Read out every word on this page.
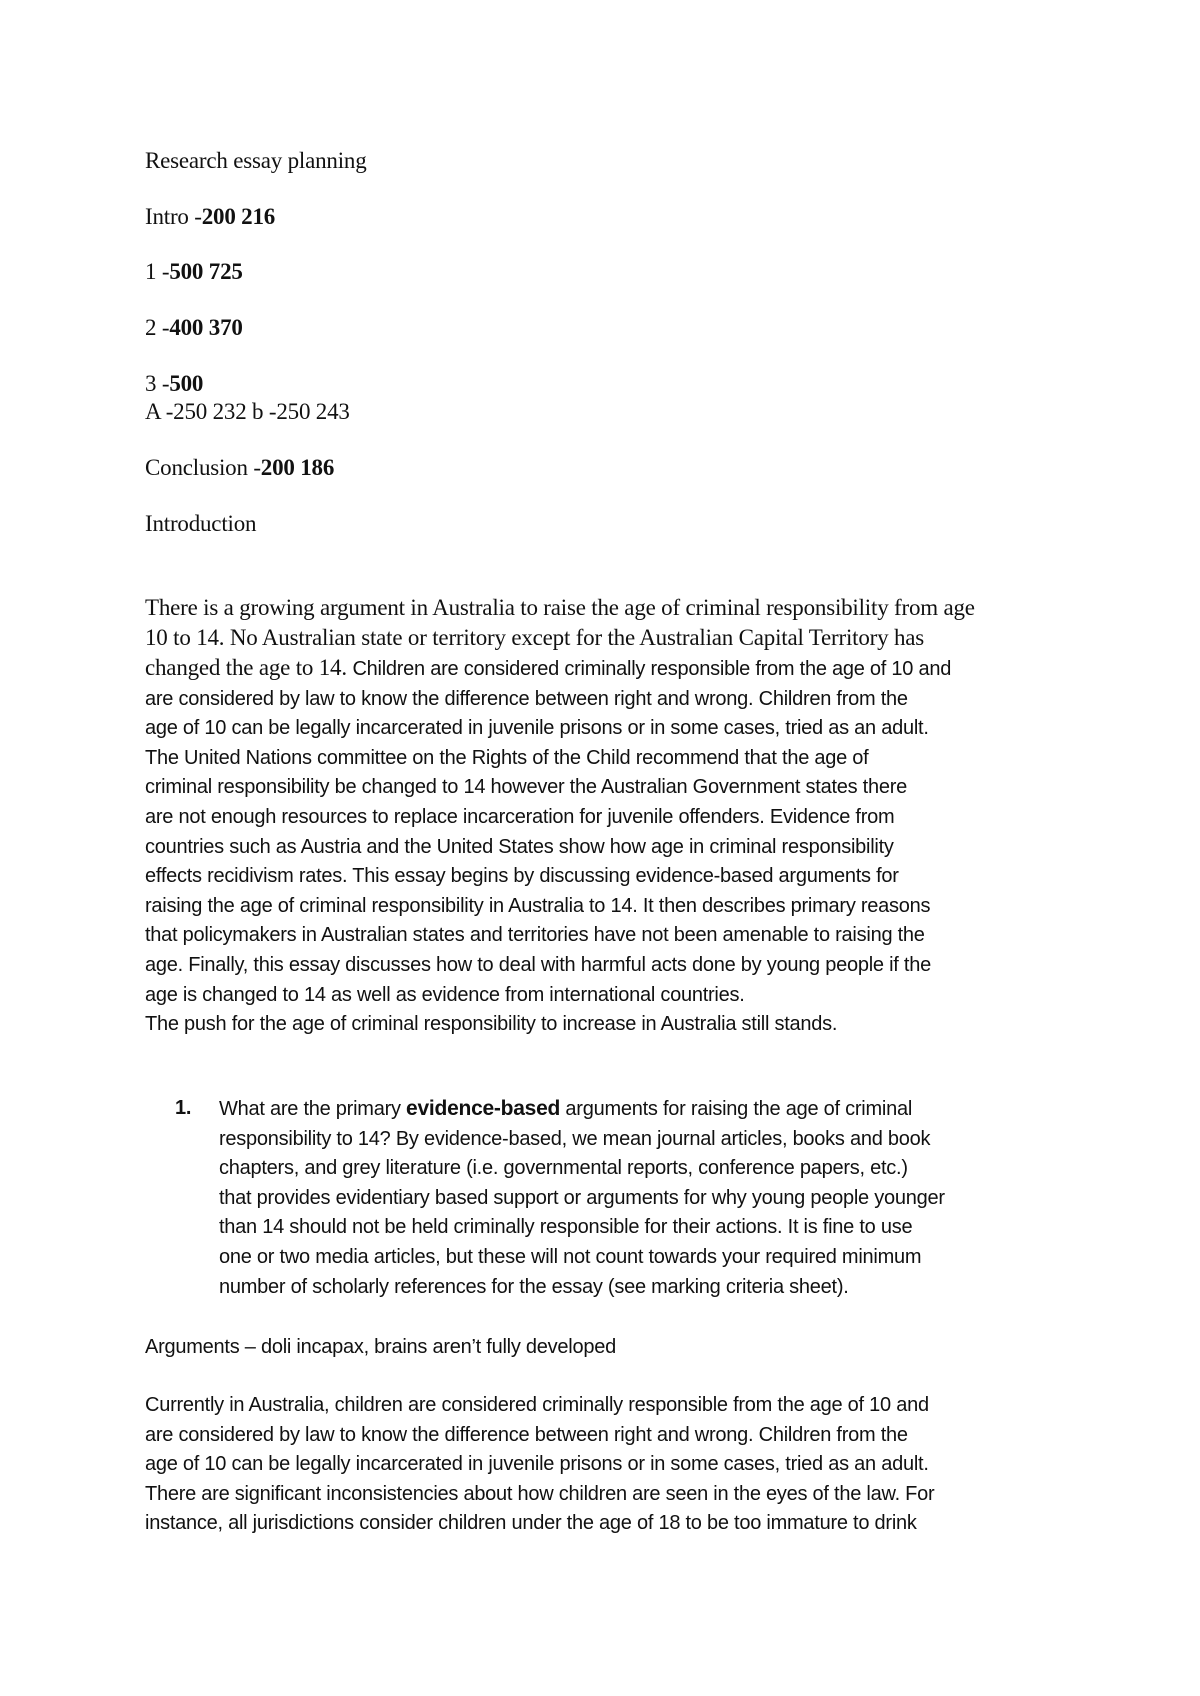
Research essay planning

Intro -200 216

1 -500 725

2 -400 370

3 -500

A -250 232 b -250 243

Conclusion -200 186

Introduction

There is a growing argument in Australia to raise the age of criminal responsibility from age
10 to 14. No Australian state or territory except for the Australian Capital Territory has
changed the age to 14. Children are considered criminally responsible from the age of 10 and
are considered by law to know the difference between right and wrong. Children from the
age of 10 can be legally incarcerated in juvenile prisons or in some cases, tried as an adult.
The United Nations committee on the Rights of the Child recommend that the age of
criminal responsibility be changed to 14 however the Australian Government states there
are not enough resources to replace incarceration for juvenile offenders. Evidence from
countries such as Austria and the United States show how age in criminal responsibility
effects recidivism rates. This essay begins by discussing evidence-based arguments for
raising the age of criminal responsibility in Australia to 14. It then describes primary reasons
that policymakers in Australian states and territories have not been amenable to raising the
age. Finally, this essay discusses how to deal with harmful acts done by young people if the
age is changed to 14 as well as evidence from international countries.
The push for the age of criminal responsibility to increase in Australia still stands.
1. What are the primary evidence-based arguments for raising the age of criminal
responsibility to 14? By evidence-based, we mean journal articles, books and book
chapters, and grey literature (i.e. governmental reports, conference papers, etc.)
that provides evidentiary based support or arguments for why young people younger
than 14 should not be held criminally responsible for their actions. It is fine to use
one or two media articles, but these will not count towards your required minimum
number of scholarly references for the essay (see marking criteria sheet).

Arguments – doli incapax, brains aren’t fully developed

Currently in Australia, children are considered criminally responsible from the age of 10 and
are considered by law to know the difference between right and wrong. Children from the
age of 10 can be legally incarcerated in juvenile prisons or in some cases, tried as an adult.
There are significant inconsistencies about how children are seen in the eyes of the law. For
instance, all jurisdictions consider children under the age of 18 to be too immature to drink
